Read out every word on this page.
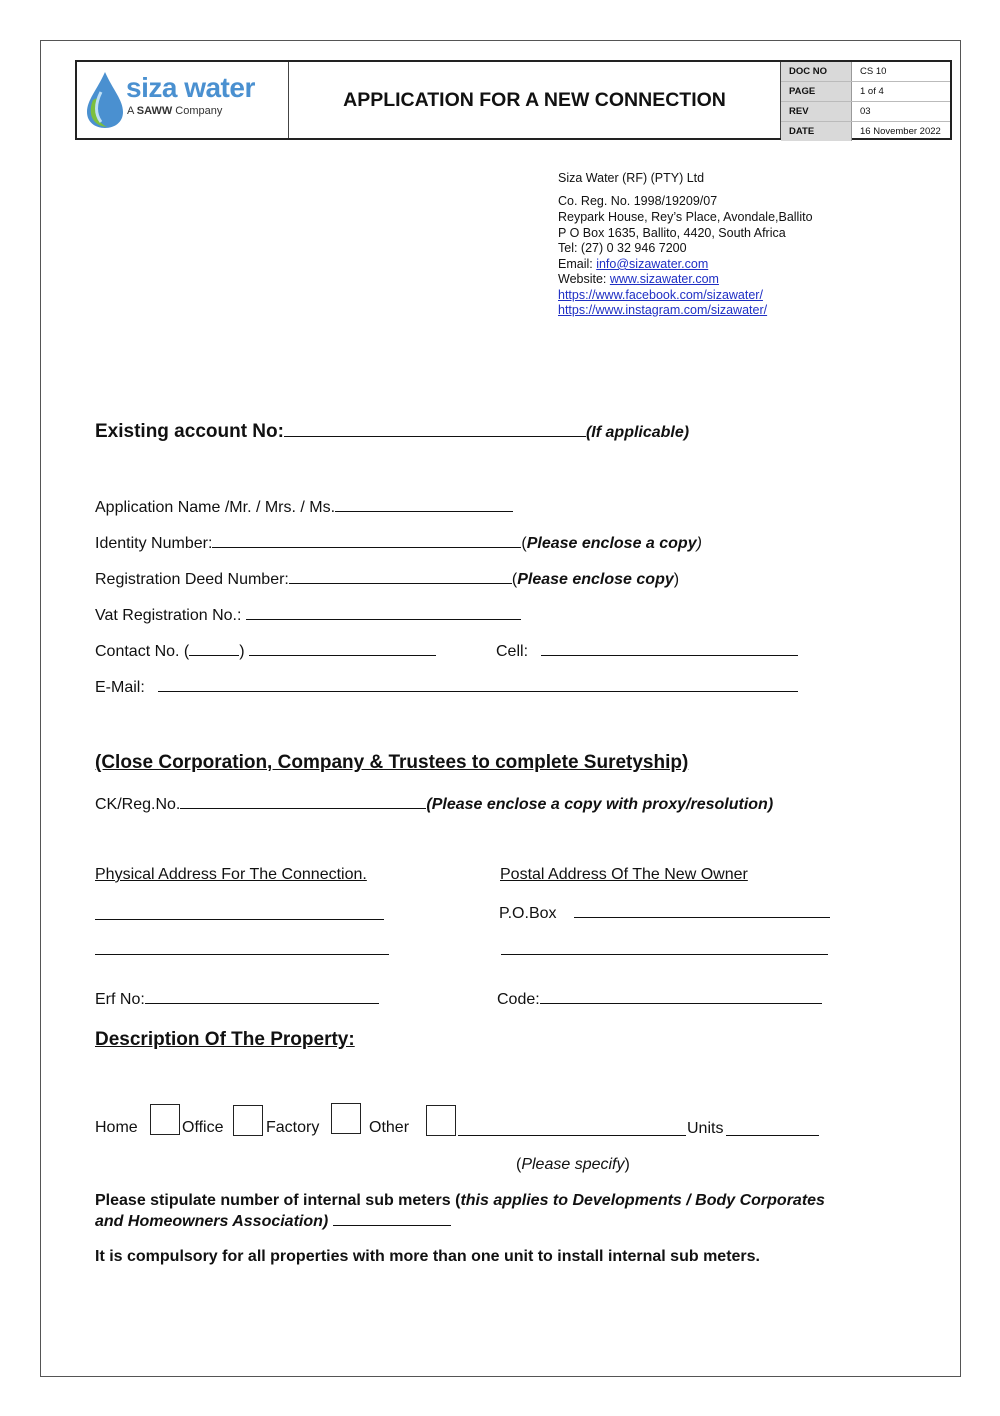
siza water
A SAWW Company
APPLICATION FOR A NEW CONNECTION
DOC NO	CS 10
PAGE	1 of 4
REV	03
DATE	16 November 2022
Siza Water (RF) (PTY) Ltd
Co. Reg. No. 1998/19209/07
Reypark House, Rey’s Place, Avondale,Ballito
P O Box 1635, Ballito, 4420, South Africa
Tel: (27) 0 32 946 7200
Email: info@sizawater.com
Website: www.sizawater.com
https://www.facebook.com/sizawater/
https://www.instagram.com/sizawater/
Existing account No:	(If applicable)
Application Name /Mr. / Mrs. / Ms.
Identity Number:	(Please enclose a copy)
Registration Deed Number:	(Please enclose copy)
Vat Registration No.:
Contact No. (	)	Cell:
E-Mail:
(Close Corporation, Company & Trustees to complete Suretyship)
CK/Reg.No.	(Please enclose a copy with proxy/resolution)
Physical Address For The Connection.	Postal Address Of The New Owner
P.O.Box
Erf No:	Code:
Description Of The Property:
Home	Office	Factory	Other	Units
(Please specify)
Please stipulate number of internal sub meters (this applies to Developments / Body Corporates
and Homeowners Association)
It is compulsory for all properties with more than one unit to install internal sub meters.
